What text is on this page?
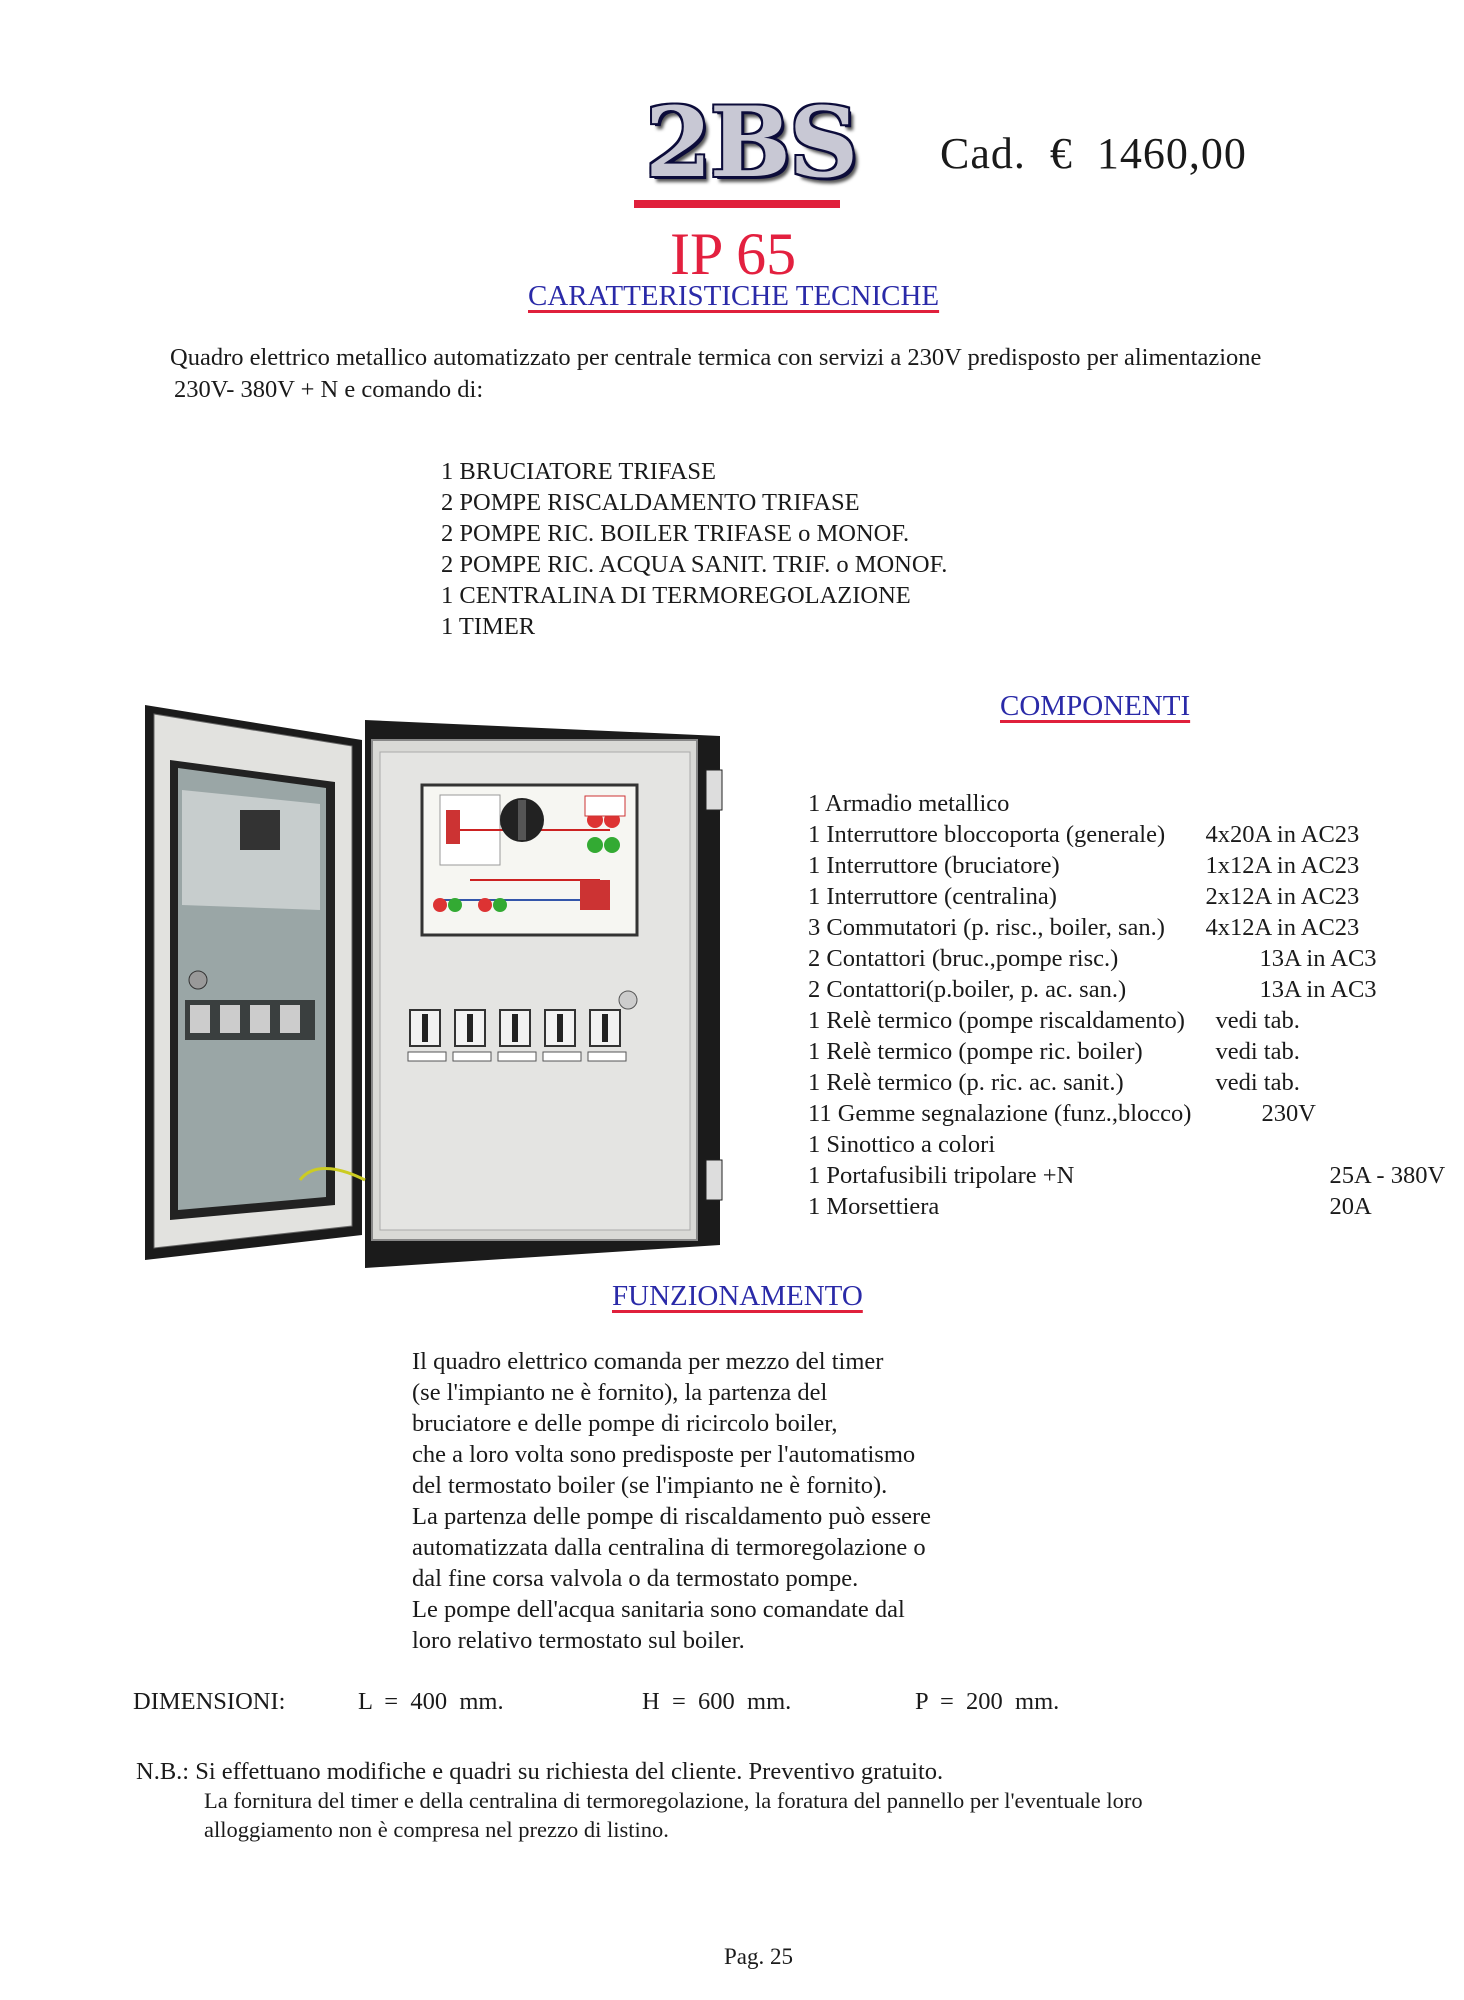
2BS Cad.  €  1460,00
IP 65
CARATTERISTICHE TECNICHE
Quadro elettrico metallico automatizzato per centrale termica con servizi a 230V predisposto per alimentazione
230V- 380V + N e comando di:
1 BRUCIATORE TRIFASE
2 POMPE RISCALDAMENTO TRIFASE
2 POMPE RIC. BOILER TRIFASE o MONOF.
2 POMPE RIC. ACQUA SANIT. TRIF. o MONOF.
1 CENTRALINA DI TERMOREGOLAZIONE
1 TIMER
COMPONENTI
1 Armadio metallico	
1 Interruttore bloccoporta (generale)	4x20A in AC23
1 Interruttore (bruciatore)	1x12A in AC23
1 Interruttore (centralina)	2x12A in AC23
3 Commutatori (p. risc., boiler, san.)	4x12A in AC23
2 Contattori (bruc.,pompe risc.)	13A in AC3
2 Contattori(p.boiler, p. ac. san.)	13A in AC3
1 Relè termico (pompe riscaldamento)	vedi tab.
1 Relè termico (pompe ric. boiler)	vedi tab.
1 Relè termico (p. ric. ac. sanit.)	vedi tab.
11 Gemme segnalazione (funz.,blocco)	230V
1 Sinottico a colori	
1 Portafusibili tripolare +N	25A - 380V
1 Morsettiera	20A
FUNZIONAMENTO
Il quadro elettrico comanda per mezzo del timer
(se l'impianto ne è fornito), la partenza del
bruciatore e delle pompe di ricircolo boiler,
che a loro volta sono predisposte per l'automatismo
del termostato boiler (se l'impianto ne è fornito).
La partenza delle pompe di riscaldamento può essere
automatizzata dalla centralina di termoregolazione o
dal fine corsa valvola o da termostato pompe.
Le pompe dell'acqua sanitaria sono comandate dal
loro relativo termostato sul boiler.
DIMENSIONI:	L  =  400  mm.	H  =  600  mm.	P  =  200  mm.
N.B.: Si effettuano modifiche e quadri su richiesta del cliente. Preventivo gratuito.
La fornitura del timer e della centralina di termoregolazione, la foratura del pannello per l'eventuale loro
alloggiamento non è compresa nel prezzo di listino.
Pag. 25
